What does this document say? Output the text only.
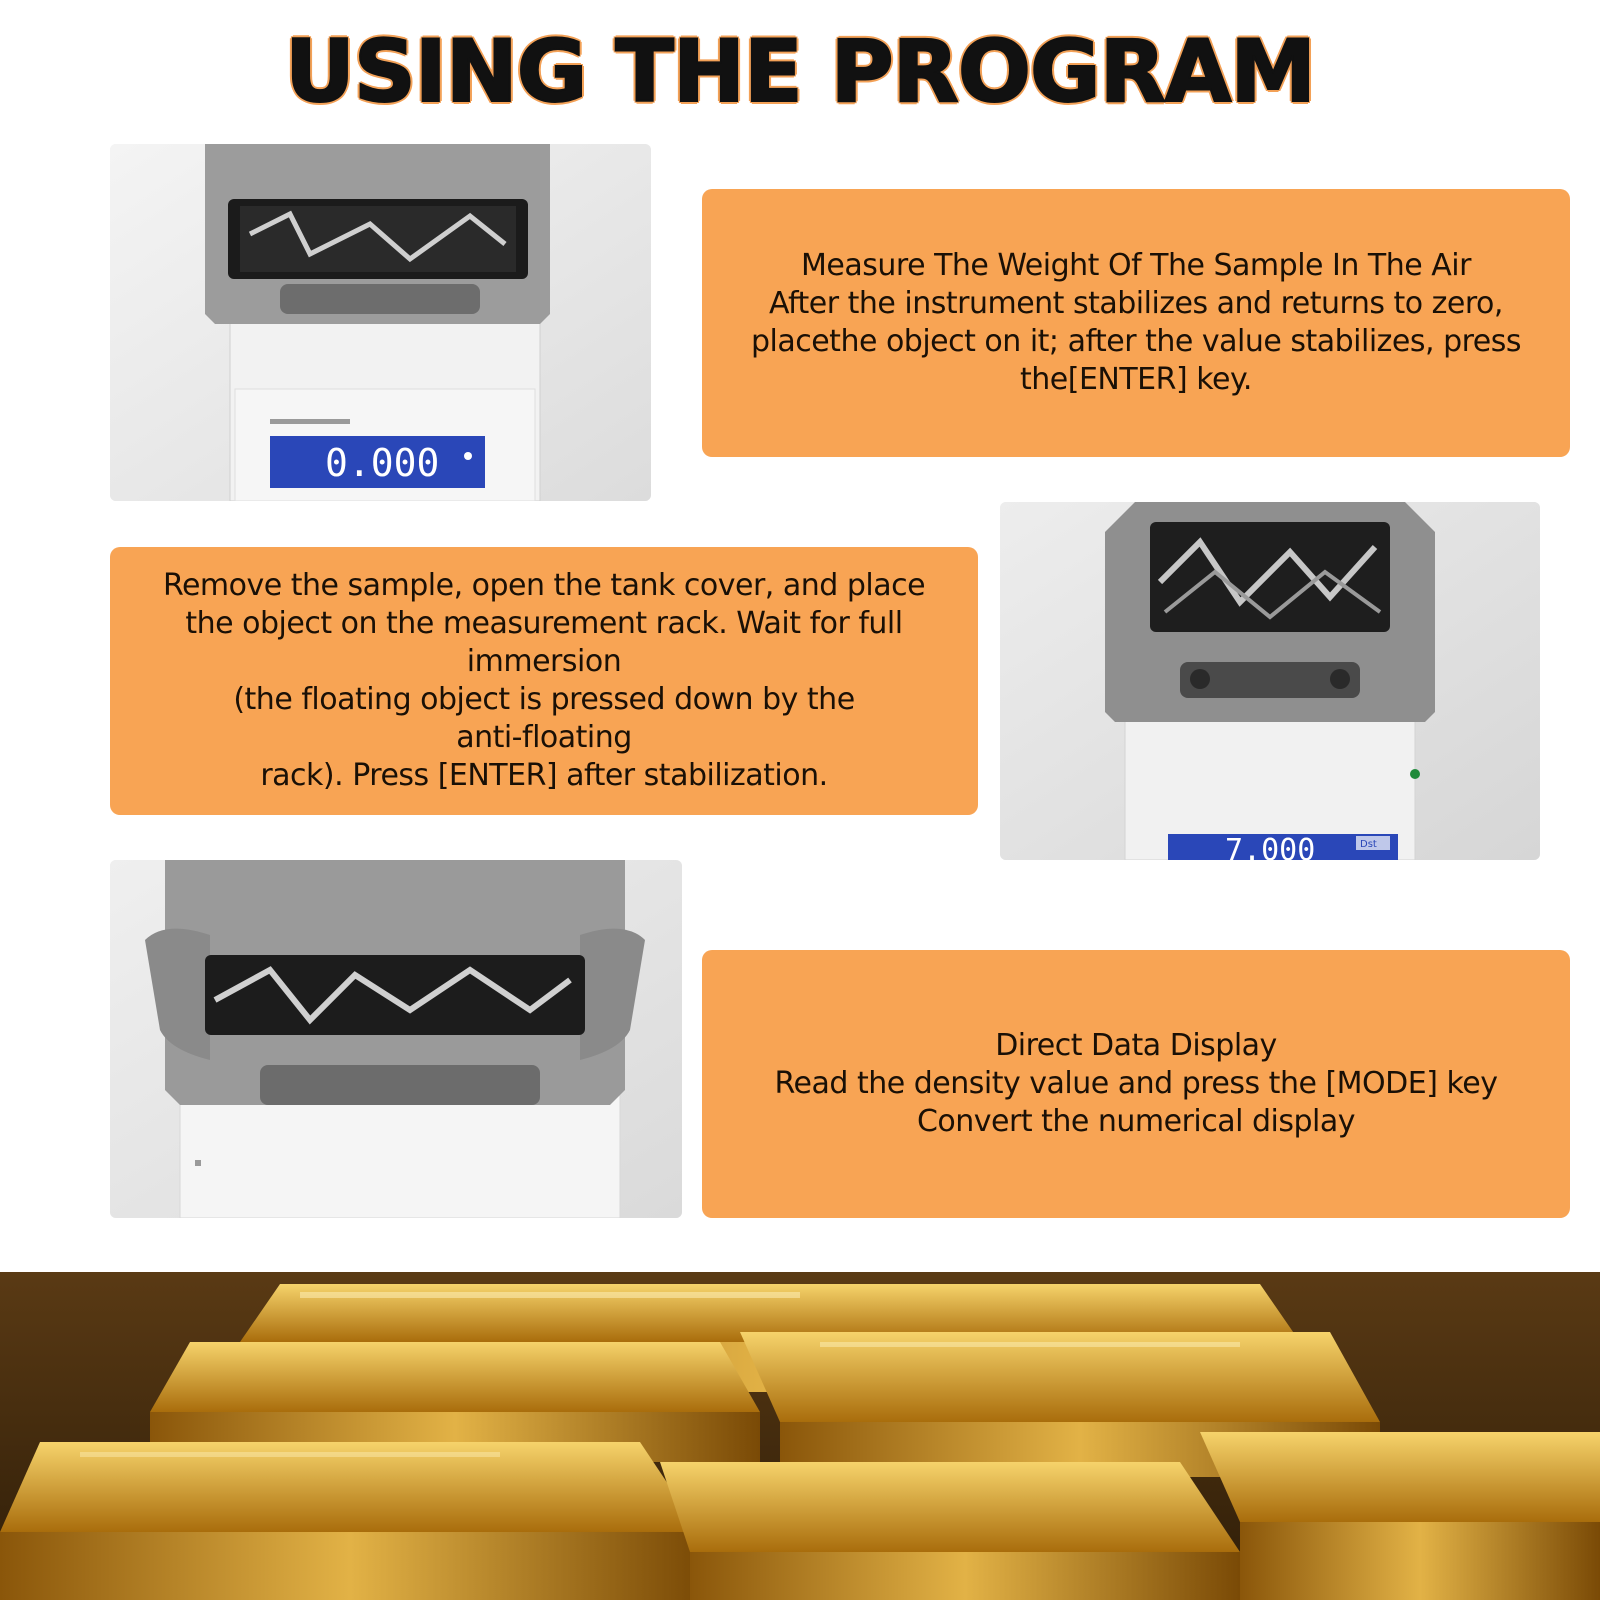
USING THE PROGRAM
0.000
Measure The Weight Of The Sample In The Air
After the instrument stabilizes and returns to zero,
placethe object on it; after the value stabilizes, press
the[ENTER] key.
Remove the sample, open the tank cover, and place
the object on the measurement rack. Wait for full
immersion
(the floating object is pressed down by the
anti-floating
rack). Press [ENTER] after stabilization.
7.000	Dst
Direct Data Display
Read the density value and press the [MODE] key
Convert the numerical display
